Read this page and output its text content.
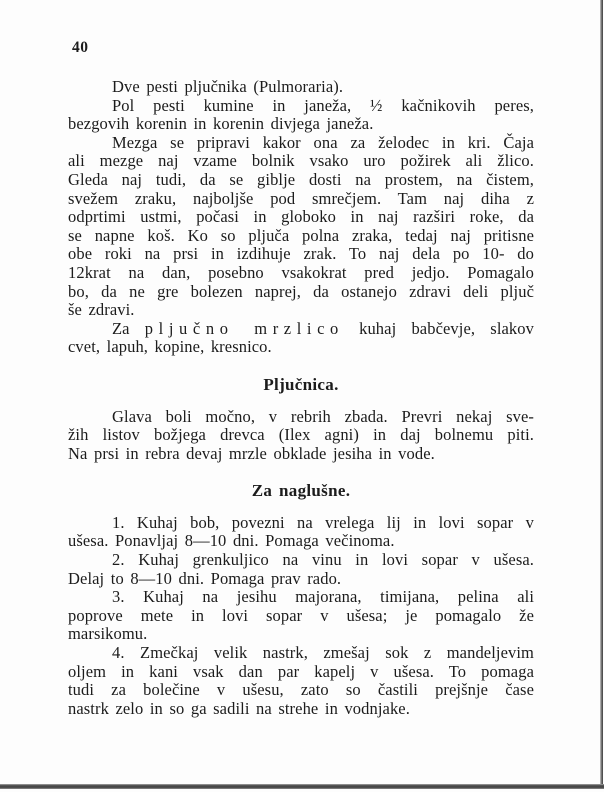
40
Dve pesti pljučnika (Pulmoraria).
Pol pesti kumine in janeža, ½ kačnikovih peres,
bezgovih korenin in korenin divjega janeža.
Mezga se pripravi kakor ona za želodec in kri. Čaja
ali mezge naj vzame bolnik vsako uro požirek ali žlico.
Gleda naj tudi, da se giblje dosti na prostem, na čistem,
svežem zraku, najboljše pod smrečjem. Tam naj diha z
odprtimi ustmi, počasi in globoko in naj razširi roke, da
se napne koš. Ko so pljuča polna zraka, tedaj naj pritisne
obe roki na prsi in izdihuje zrak. To naj dela po 10- do
12krat na dan, posebno vsakokrat pred jedjo. Pomagalo
bo, da ne gre bolezen naprej, da ostanejo zdravi deli pljuč
še zdravi.
Za pljučno mrzlico kuhaj babčevje, slakov
cvet, lapuh, kopine, kresnico.
Pljučnica.
Glava boli močno, v rebrih zbada. Prevri nekaj sve-
žih listov božjega drevca (Ilex agni) in daj bolnemu piti.
Na prsi in rebra devaj mrzle obklade jesiha in vode.
Za naglušne.
1. Kuhaj bob, povezni na vrelega lij in lovi sopar v
ušesa. Ponavljaj 8—10 dni. Pomaga večinoma.
2. Kuhaj grenkuljico na vinu in lovi sopar v ušesa.
Delaj to 8—10 dni. Pomaga prav rado.
3. Kuhaj na jesihu majorana, timijana, pelina ali
poprove mete in lovi sopar v ušesa; je pomagalo že
marsikomu.
4. Zmečkaj velik nastrk, zmešaj sok z mandeljevim
oljem in kani vsak dan par kapelj v ušesa. To pomaga
tudi za bolečine v ušesu, zato so častili prejšnje čase
nastrk zelo in so ga sadili na strehe in vodnjake.
